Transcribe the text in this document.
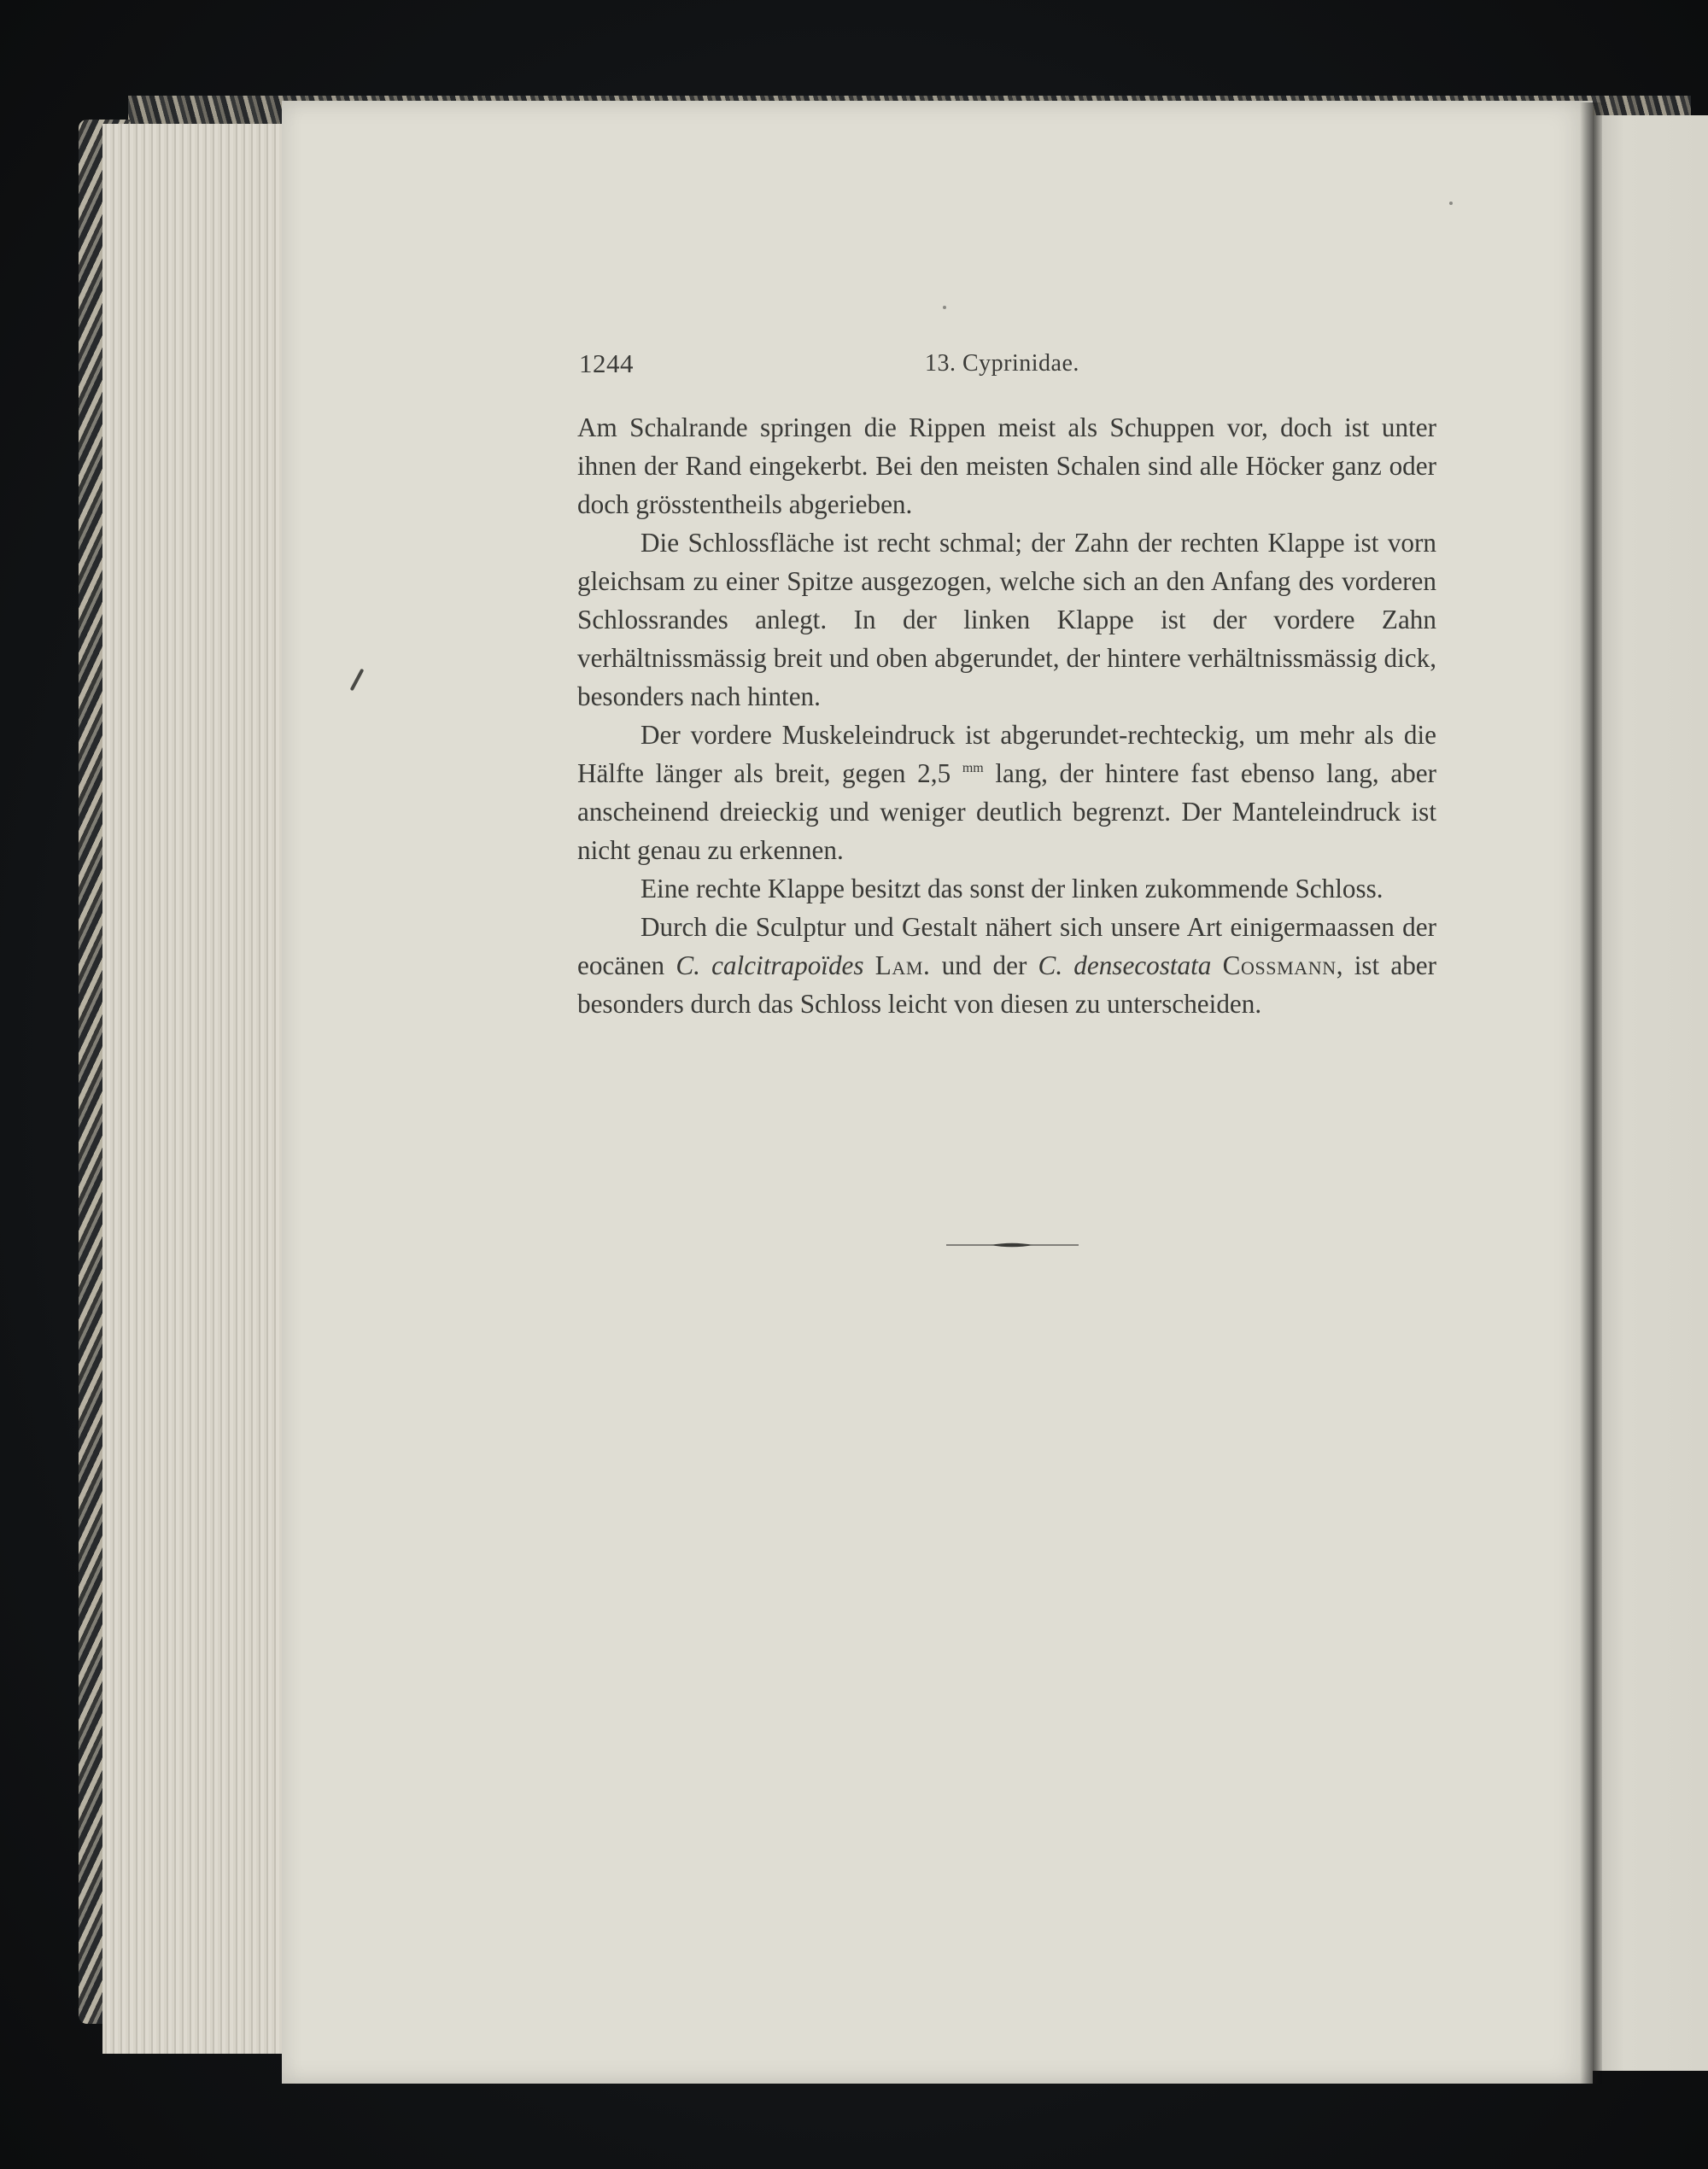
1244	13. Cyprinidae.

Am Schalrande springen die Rippen meist als Schuppen vor, doch ist unter ihnen der Rand eingekerbt. Bei den meisten Schalen sind alle Höcker ganz oder doch grösstentheils abgerieben.

Die Schlossfläche ist recht schmal; der Zahn der rechten Klappe ist vorn gleichsam zu einer Spitze ausgezogen, welche sich an den Anfang des vorderen Schlossrandes anlegt. In der linken Klappe ist der vordere Zahn verhältnissmässig breit und oben abgerundet, der hintere verhältnissmässig dick, besonders nach hinten.

Der vordere Muskeleindruck ist abgerundet-rechteckig, um mehr als die Hälfte länger als breit, gegen 2,5 $^{mm}$ lang, der hintere fast ebenso lang, aber anscheinend dreieckig und weniger deutlich begrenzt. Der Manteleindruck ist nicht genau zu erkennen.

Eine rechte Klappe besitzt das sonst der linken zukommende Schloss.

Durch die Sculptur und Gestalt nähert sich unsere Art einigermaassen der eocänen C. calcitrapoïdes Lam. und der C. densecostata Cossmann, ist aber besonders durch das Schloss leicht von diesen zu unterscheiden.
